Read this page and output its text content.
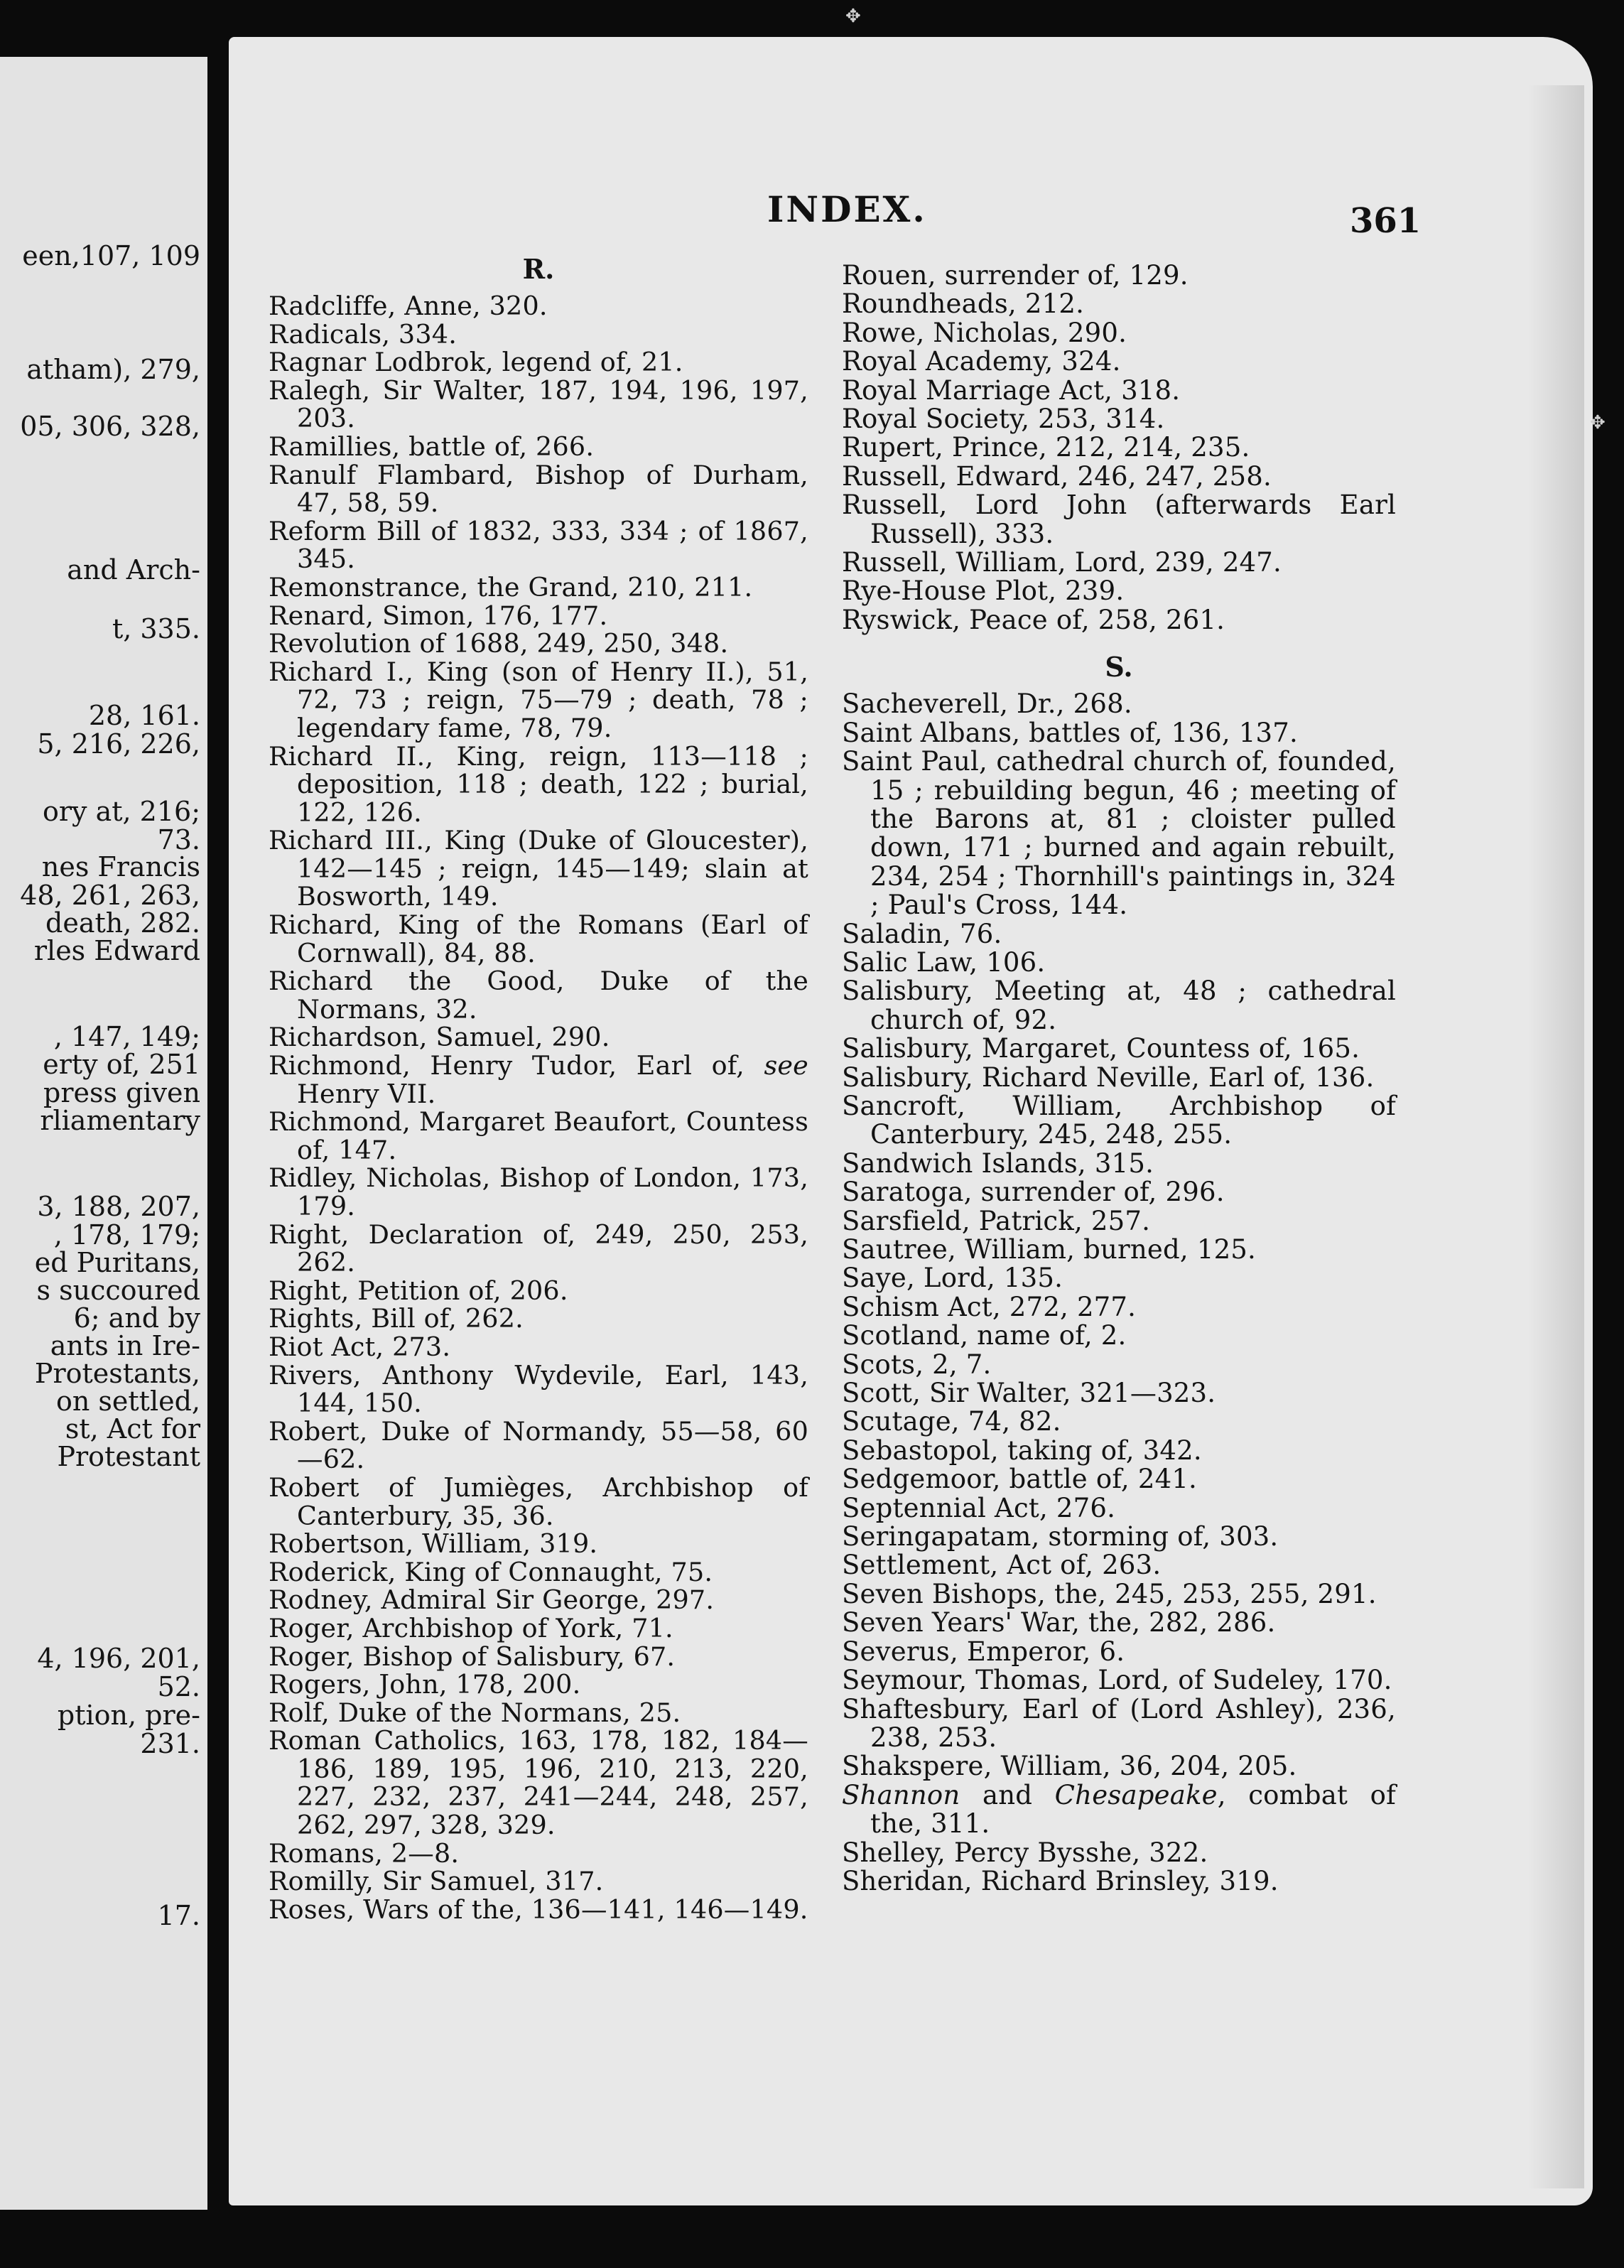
een,107, 109
atham), 279,
05, 306, 328,
and Arch-
t, 335.
28, 161.
5, 216, 226,
ory at, 216;
73.
nes Francis
48, 261, 263,
death, 282.
rles Edward
, 147, 149;
erty of, 251
press given
rliamentary
3, 188, 207,
, 178, 179;
ed Puritans,
s succoured
6; and by
ants in Ire-
Protestants,
on settled,
st, Act for
Protestant
4, 196, 201,
52.
ption, pre-
231.
17.
INDEX.	361
R.
Radcliffe, Anne, 320.
Radicals, 334.
Ragnar Lodbrok, legend of, 21.
Ralegh, Sir Walter, 187, 194, 196, 197, 203.
Ramillies, battle of, 266.
Ranulf Flambard, Bishop of Durham, 47, 58, 59.
Reform Bill of 1832, 333, 334 ; of 1867, 345.
Remonstrance, the Grand, 210, 211.
Renard, Simon, 176, 177.
Revolution of 1688, 249, 250, 348.
Richard I., King (son of Henry II.), 51, 72, 73 ; reign, 75—79 ; death, 78 ; legendary fame, 78, 79.
Richard II., King, reign, 113—118 ; deposition, 118 ; death, 122 ; burial, 122, 126.
Richard III., King (Duke of Gloucester), 142—145 ; reign, 145—149; slain at Bosworth, 149.
Richard, King of the Romans (Earl of Cornwall), 84, 88.
Richard the Good, Duke of the Normans, 32.
Richardson, Samuel, 290.
Richmond, Henry Tudor, Earl of, see Henry VII.
Richmond, Margaret Beaufort, Countess of, 147.
Ridley, Nicholas, Bishop of London, 173, 179.
Right, Declaration of, 249, 250, 253, 262.
Right, Petition of, 206.
Rights, Bill of, 262.
Riot Act, 273.
Rivers, Anthony Wydevile, Earl, 143, 144, 150.
Robert, Duke of Normandy, 55—58, 60—62.
Robert of Jumièges, Archbishop of Canterbury, 35, 36.
Robertson, William, 319.
Roderick, King of Connaught, 75.
Rodney, Admiral Sir George, 297.
Roger, Archbishop of York, 71.
Roger, Bishop of Salisbury, 67.
Rogers, John, 178, 200.
Rolf, Duke of the Normans, 25.
Roman Catholics, 163, 178, 182, 184—186, 189, 195, 196, 210, 213, 220, 227, 232, 237, 241—244, 248, 257, 262, 297, 328, 329.
Romans, 2—8.
Romilly, Sir Samuel, 317.
Roses, Wars of the, 136—141, 146—149.
Rouen, surrender of, 129.
Roundheads, 212.
Rowe, Nicholas, 290.
Royal Academy, 324.
Royal Marriage Act, 318.
Royal Society, 253, 314.
Rupert, Prince, 212, 214, 235.
Russell, Edward, 246, 247, 258.
Russell, Lord John (afterwards Earl Russell), 333.
Russell, William, Lord, 239, 247.
Rye-House Plot, 239.
Ryswick, Peace of, 258, 261.
S.
Sacheverell, Dr., 268.
Saint Albans, battles of, 136, 137.
Saint Paul, cathedral church of, founded, 15 ; rebuilding begun, 46 ; meeting of the Barons at, 81 ; cloister pulled down, 171 ; burned and again rebuilt, 234, 254 ; Thornhill's paintings in, 324 ; Paul's Cross, 144.
Saladin, 76.
Salic Law, 106.
Salisbury, Meeting at, 48 ; cathedral church of, 92.
Salisbury, Margaret, Countess of, 165.
Salisbury, Richard Neville, Earl of, 136.
Sancroft, William, Archbishop of Canterbury, 245, 248, 255.
Sandwich Islands, 315.
Saratoga, surrender of, 296.
Sarsfield, Patrick, 257.
Sautree, William, burned, 125.
Saye, Lord, 135.
Schism Act, 272, 277.
Scotland, name of, 2.
Scots, 2, 7.
Scott, Sir Walter, 321—323.
Scutage, 74, 82.
Sebastopol, taking of, 342.
Sedgemoor, battle of, 241.
Septennial Act, 276.
Seringapatam, storming of, 303.
Settlement, Act of, 263.
Seven Bishops, the, 245, 253, 255, 291.
Seven Years' War, the, 282, 286.
Severus, Emperor, 6.
Seymour, Thomas, Lord, of Sudeley, 170.
Shaftesbury, Earl of (Lord Ashley), 236, 238, 253.
Shakspere, William, 36, 204, 205.
Shannon and Chesapeake, combat of the, 311.
Shelley, Percy Bysshe, 322.
Sheridan, Richard Brinsley, 319.
✥
✥
